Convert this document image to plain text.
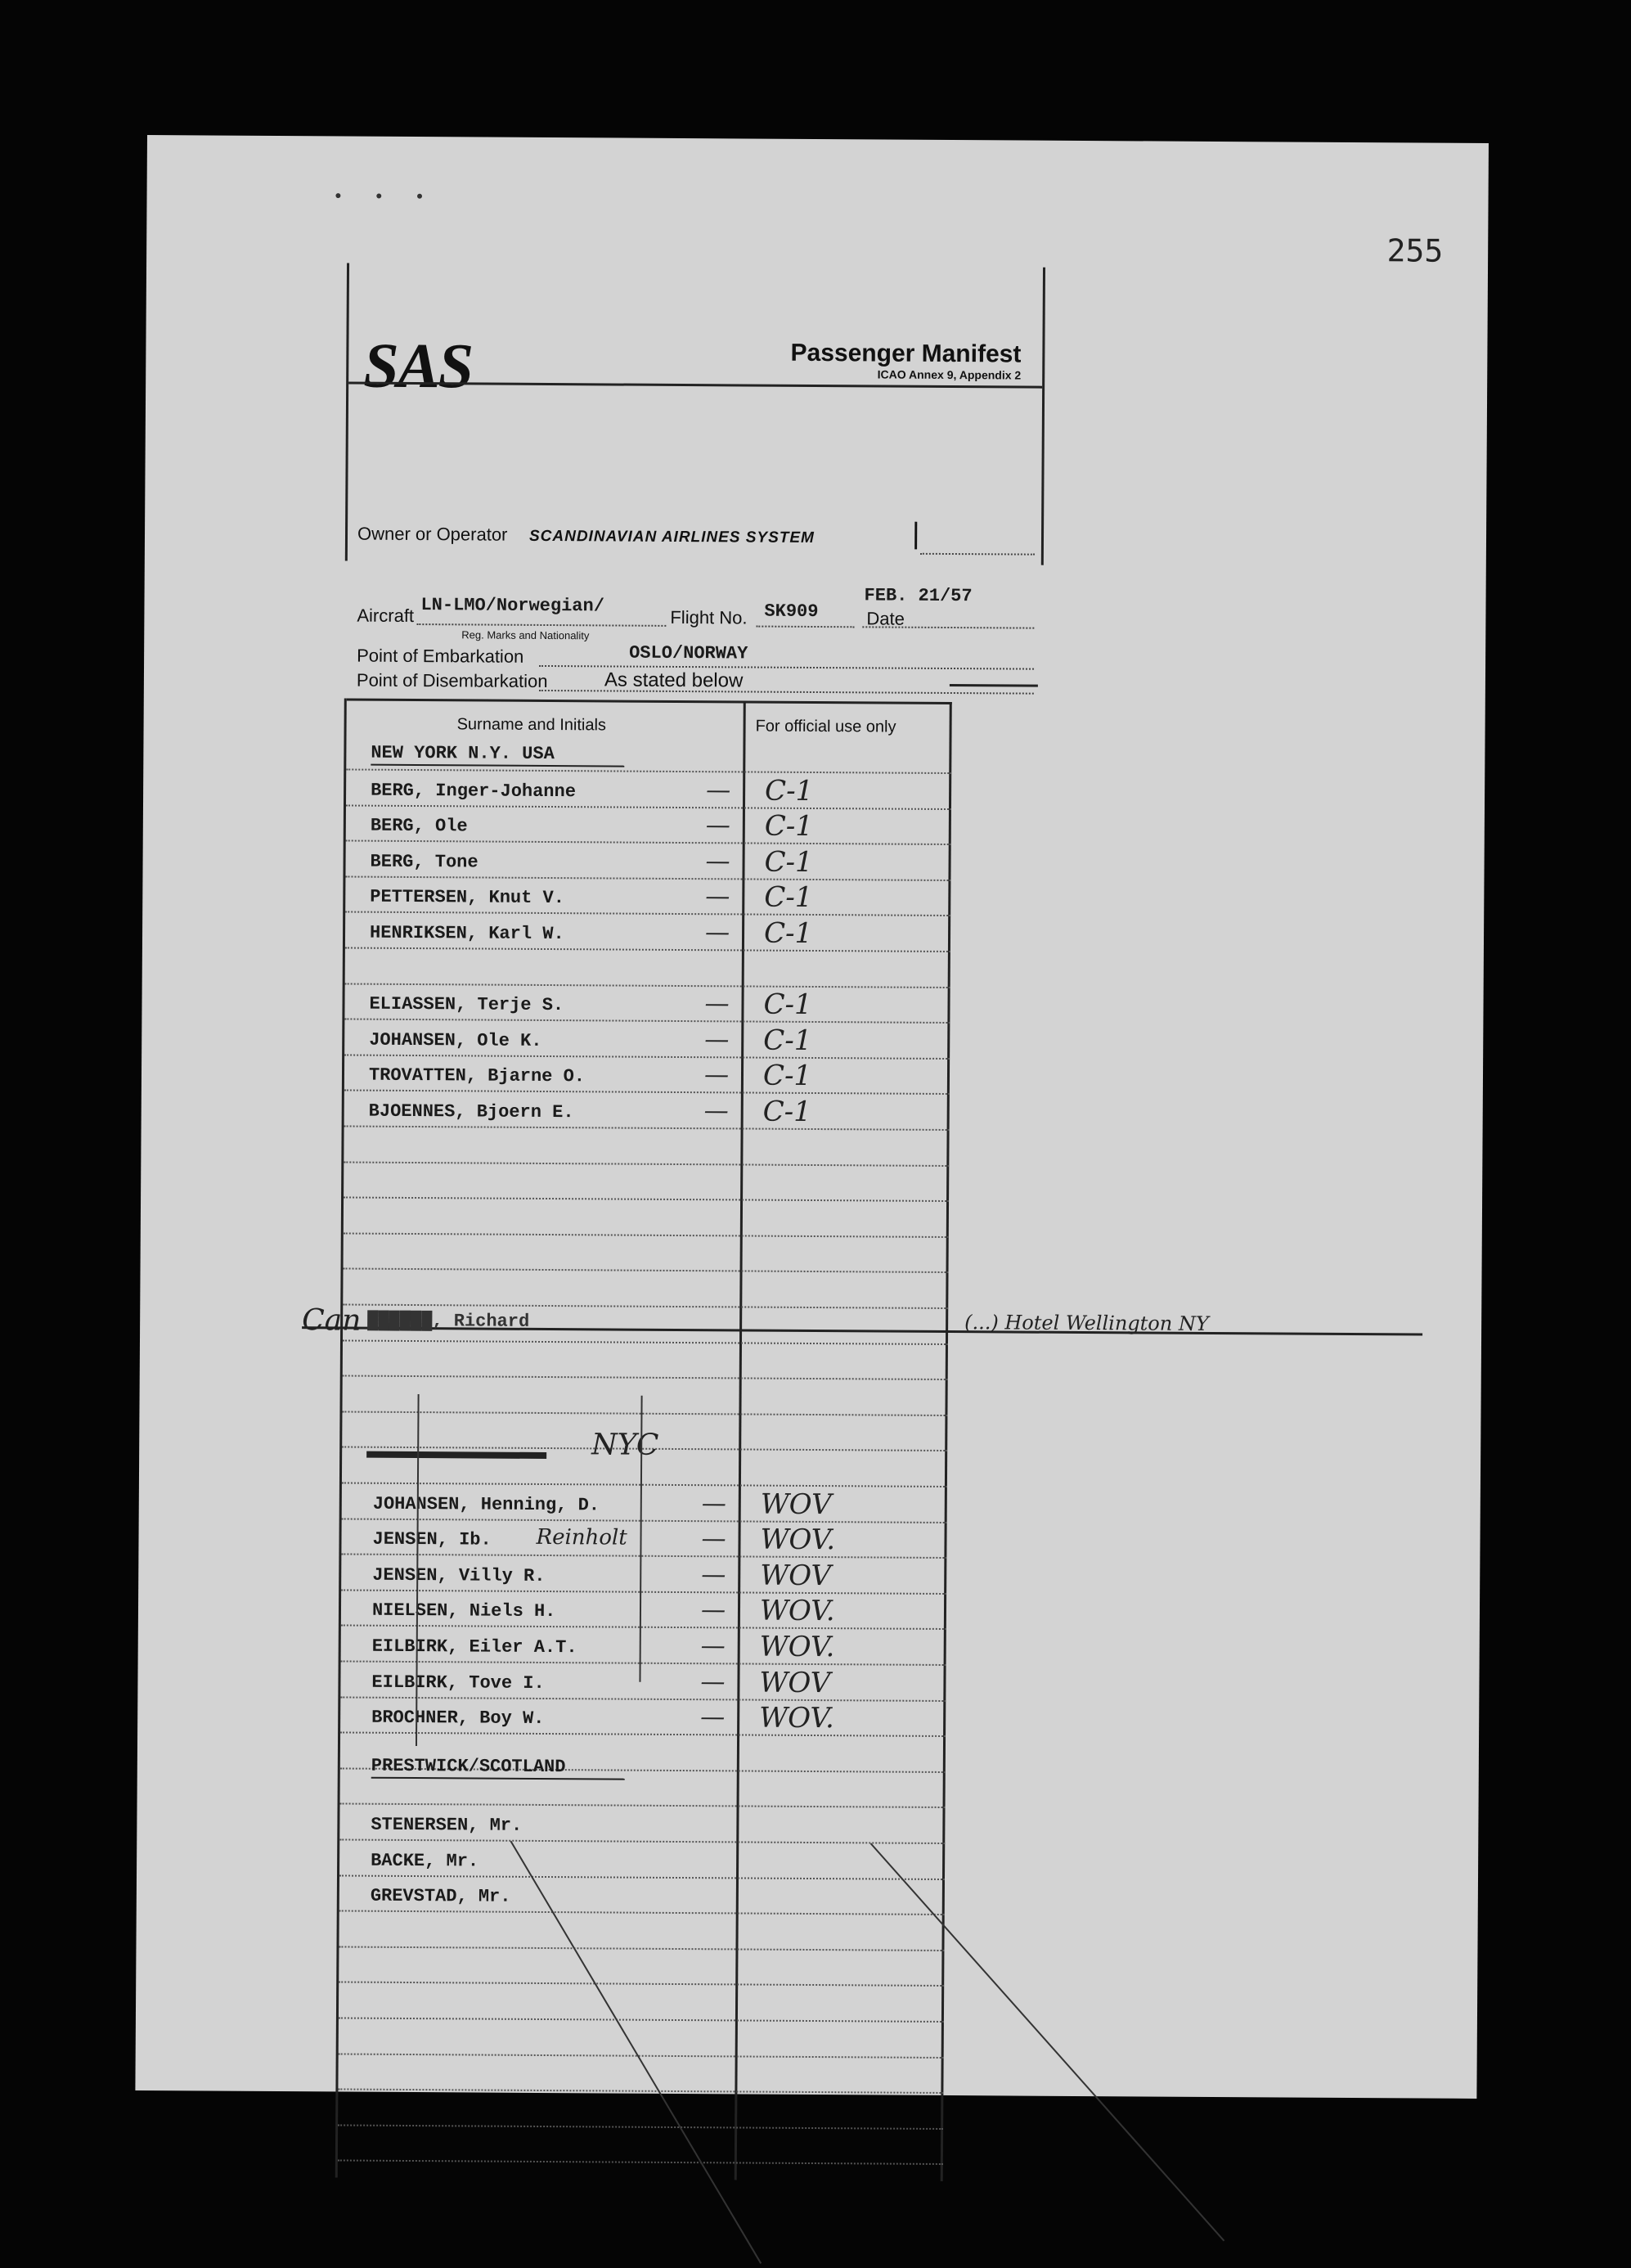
• • •
255
SAS	Passenger Manifest
ICAO Annex 9, Appendix 2
Owner or Operator SCANDINAVIAN AIRLINES SYSTEM	|
Aircraft LN-LMO/Norwegian/
Reg. Marks and Nationality
Flight No. SK909
FEB. 21/57
Date
Point of Embarkation	OSLO/NORWAY
Point of Disembarkation	As stated below
Surname and Initials	For official use only
NEW YORK N.Y. USA
BERG, Inger-Johanne	— C-1
BERG, Ole	— C-1
BERG, Tone	— C-1
PETTERSEN, Knut V.	— C-1
HENRIKSEN, Karl W.	— C-1
ELIASSEN, Terje S.	— C-1
JOHANSEN, Ole K.	— C-1
TROVATTEN, Bjarne O.	— C-1
BJOENNES, Bjoern E.	— C-1
JOHANSEN, Henning, D.	— WOV
JENSEN, Ib. Reinholt	— WOV.
JENSEN, Villy R.	— WOV
NIELSEN, Niels H.	— WOV.
EILBIRK, Eiler A.T.	— WOV.
EILBIRK, Tove I.	— WOV
BROCHNER, Boy W.	— WOV.
STENERSEN, Mr.
BACKE, Mr.
GREVSTAD, Mr.
NYC
PRESTWICK/SCOTLAND
Can	(...) Hotel Wellington NY
██████, Richard
